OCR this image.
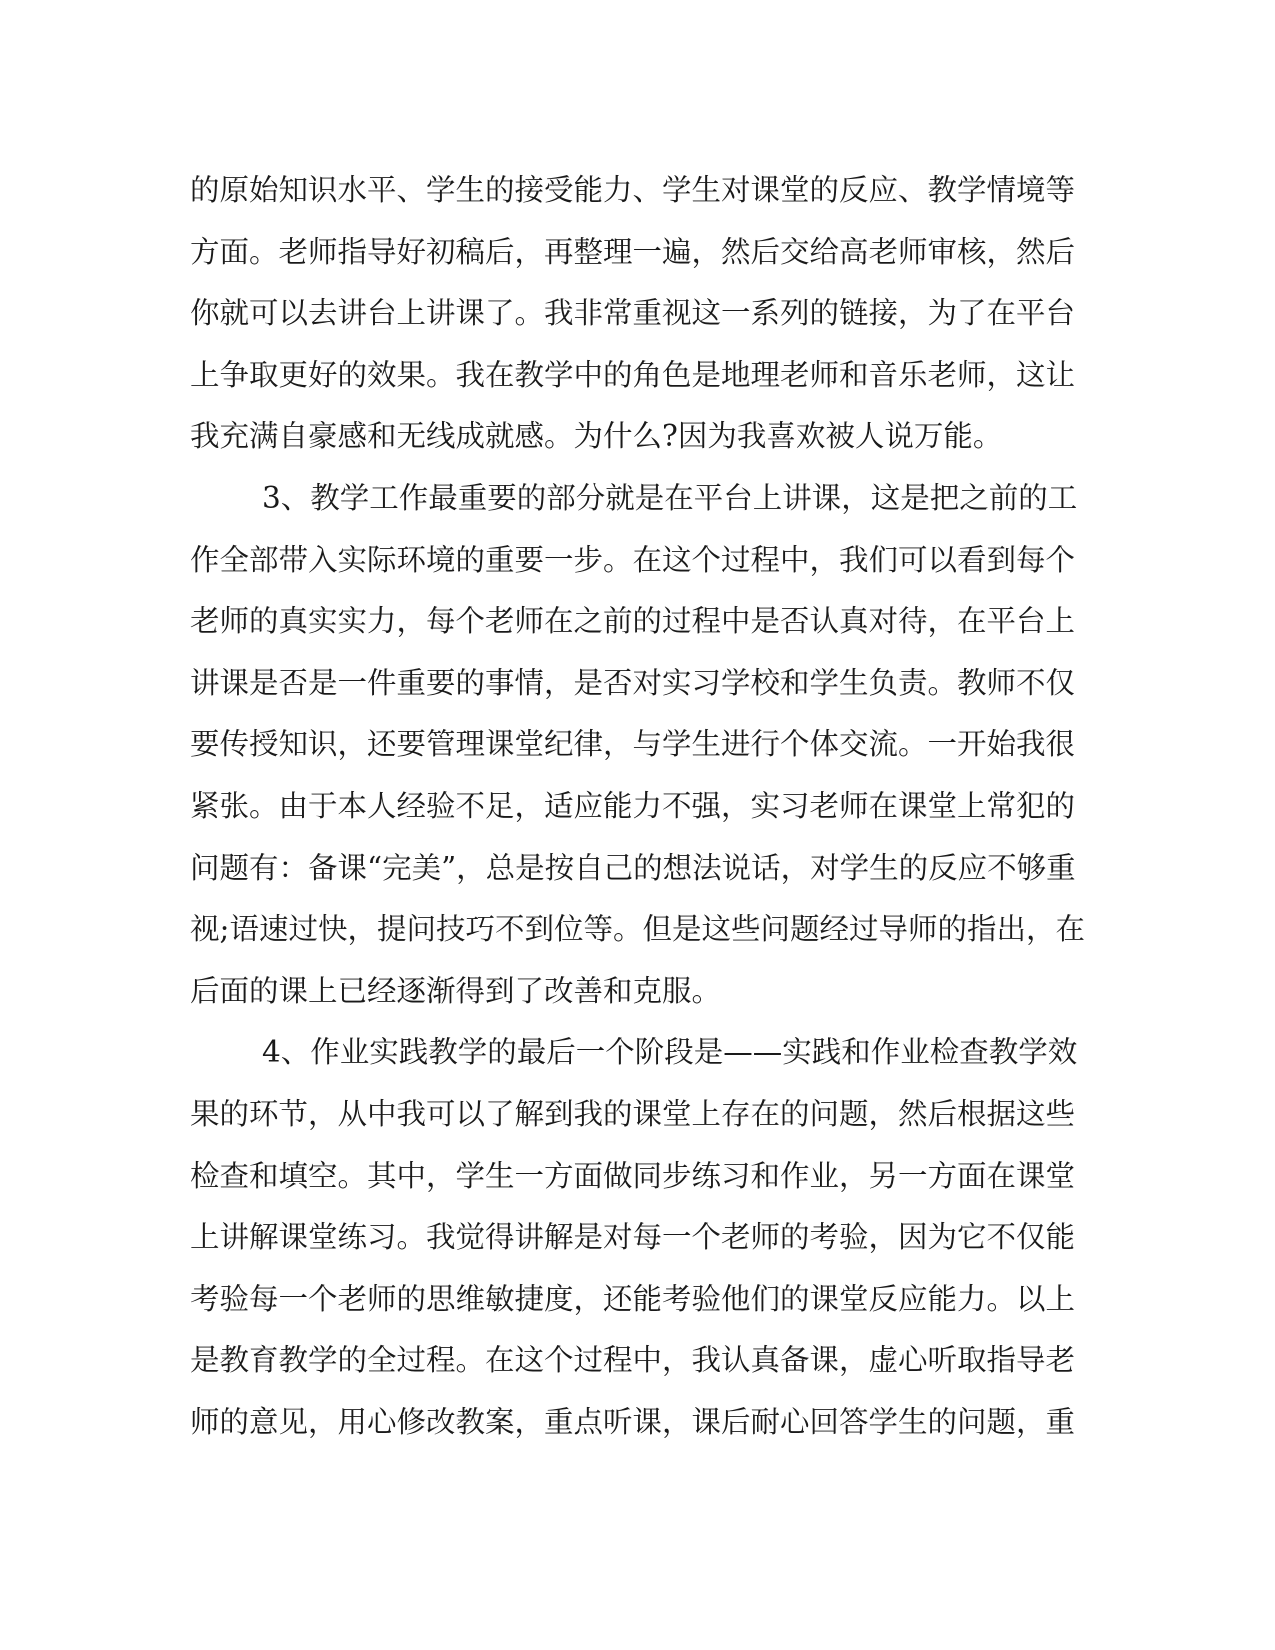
的原始知识水平、学生的接受能力、学生对课堂的反应、教学情境等
方面。老师指导好初稿后，再整理一遍，然后交给高老师审核，然后
你就可以去讲台上讲课了。我非常重视这一系列的链接，为了在平台
上争取更好的效果。我在教学中的角色是地理老师和音乐老师，这让
我充满自豪感和无线成就感。为什么?因为我喜欢被人说万能。
3、教学工作最重要的部分就是在平台上讲课，这是把之前的工
作全部带入实际环境的重要一步。在这个过程中，我们可以看到每个
老师的真实实力，每个老师在之前的过程中是否认真对待，在平台上
讲课是否是一件重要的事情，是否对实习学校和学生负责。教师不仅
要传授知识，还要管理课堂纪律，与学生进行个体交流。一开始我很
紧张。由于本人经验不足，适应能力不强，实习老师在课堂上常犯的
问题有：备课“完美”，总是按自己的想法说话，对学生的反应不够重
视;语速过快，提问技巧不到位等。但是这些问题经过导师的指出，在
后面的课上已经逐渐得到了改善和克服。
4、作业实践教学的最后一个阶段是——实践和作业检查教学效
果的环节，从中我可以了解到我的课堂上存在的问题，然后根据这些
检查和填空。其中，学生一方面做同步练习和作业，另一方面在课堂
上讲解课堂练习。我觉得讲解是对每一个老师的考验，因为它不仅能
考验每一个老师的思维敏捷度，还能考验他们的课堂反应能力。以上
是教育教学的全过程。在这个过程中，我认真备课，虚心听取指导老
师的意见，用心修改教案，重点听课，课后耐心回答学生的问题，重
